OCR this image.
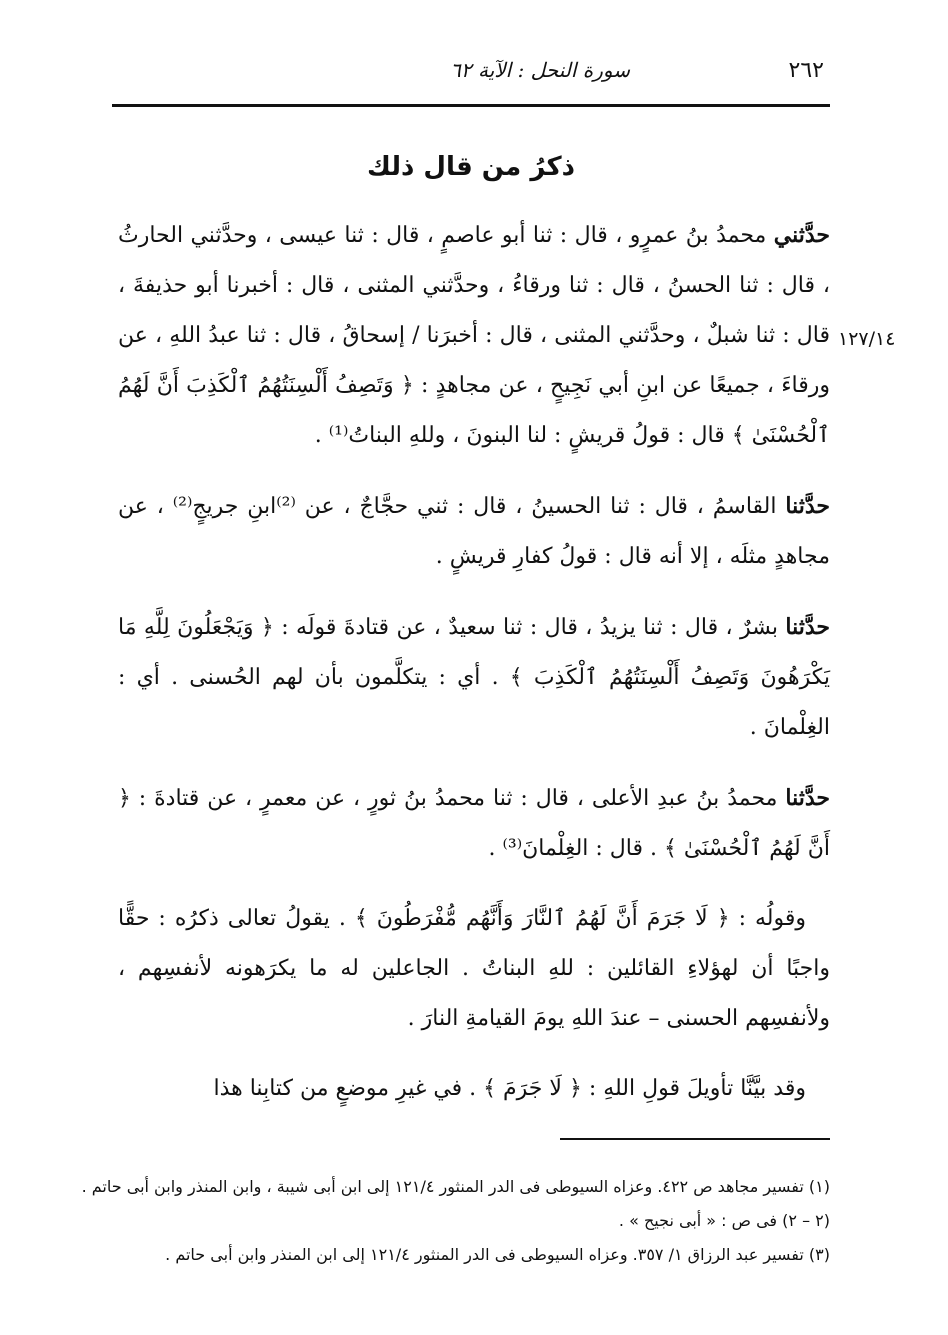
٢٦٢
سورة النحل : الآية ٦٢
ذكرُ من قال ذلك
١٢٧/١٤

حدَّثني محمدُ بنُ عمرٍو ، قال : ثنا أبو عاصمٍ ، قال : ثنا عيسى ، وحدَّثني الحارثُ ، قال : ثنا الحسنُ ، قال : ثنا ورقاءُ ، وحدَّثني المثنى ، قال : أخبرنا أبو حذيفةَ ، قال : ثنا شبلٌ ، وحدَّثني المثنى ، قال : أخبرَنا / إسحاقُ ، قال : ثنا عبدُ اللهِ ، عن ورقاءَ ، جميعًا عن ابنِ أبي نَجِيحٍ ، عن مجاهدٍ : ﴿ وَتَصِفُ أَلْسِنَتُهُمُ ٱلْكَذِبَ أَنَّ لَهُمُ ٱلْحُسْنَىٰ ﴾ قال : قولُ قريشٍ : لنا البنونَ ، وللهِ البناتُ⁽¹⁾ .

حدَّثنا القاسمُ ، قال : ثنا الحسينُ ، قال : ثني حجَّاجٌ ، عن ⁽²⁾ابنِ جريجٍ⁽²⁾ ، عن مجاهدٍ مثلَه ، إلا أنه قال : قولُ كفارِ قريشٍ .

حدَّثنا بشرٌ ، قال : ثنا يزيدُ ، قال : ثنا سعيدٌ ، عن قتادةَ قولَه : ﴿ وَيَجْعَلُونَ لِلَّهِ مَا يَكْرَهُونَ وَتَصِفُ أَلْسِنَتُهُمُ ٱلْكَذِبَ ﴾ . أي : يتكلَّمون بأن لهم الحُسنى . أي : الغِلْمانَ .

حدَّثنا محمدُ بنُ عبدِ الأعلى ، قال : ثنا محمدُ بنُ ثورٍ ، عن معمرٍ ، عن قتادةَ : ﴿ أَنَّ لَهُمُ ٱلْحُسْنَىٰ ﴾ . قال : الغِلْمانَ⁽³⁾ .

وقولُه : ﴿ لَا جَرَمَ أَنَّ لَهُمُ ٱلنَّارَ وَأَنَّهُم مُّفْرَطُونَ ﴾ . يقولُ تعالى ذكرُه : حقًّا واجبًا أن لهؤلاءِ القائلين : للهِ البناتُ . الجاعلين له ما يكرَهونه لأنفسِهم ، ولأنفسِهم الحسنى – عندَ اللهِ يومَ القيامةِ النارَ .

وقد بيَّنَّا تأويلَ قولِ اللهِ : ﴿ لَا جَرَمَ ﴾ . في غيرِ موضعٍ من كتابِنا هذا

(١) تفسير مجاهد ص ٤٢٢. وعزاه السيوطى فى الدر المنثور ١٢١/٤ إلى ابن أبى شيبة ، وابن المنذر وابن أبى حاتم .
(٢ – ٢) فى ص : « أبى نجيح » .
(٣) تفسير عبد الرزاق ١/ ٣٥٧. وعزاه السيوطى فى الدر المنثور ١٢١/٤ إلى ابن المنذر وابن أبى حاتم .
